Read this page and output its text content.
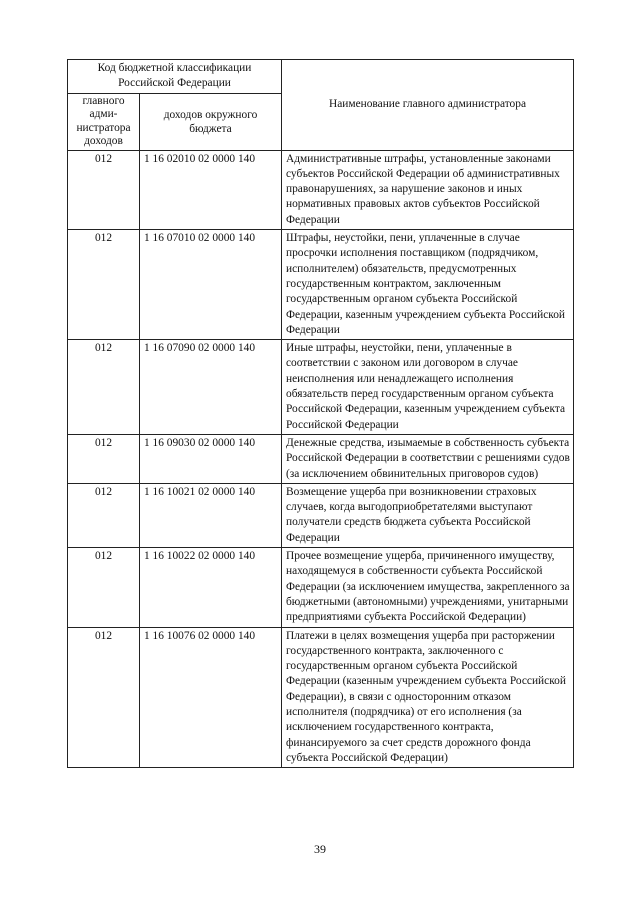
Код бюджетной классификации Российской Федерации		Наименование главного администратора
главного адми-нистратора доходов	доходов окружного бюджета	
012	1 16 02010 02 0000 140	Административные штрафы, установленные законами субъектов Российской Федерации об административных правонарушениях, за нарушение законов и иных нормативных правовых актов субъектов Российской Федерации
012	1 16 07010 02 0000 140	Штрафы, неустойки, пени, уплаченные в случае просрочки исполнения поставщиком (подрядчиком, исполнителем) обязательств, предусмотренных государственным контрактом, заключенным государственным органом субъекта Российской Федерации, казенным учреждением субъекта Российской Федерации
012	1 16 07090 02 0000 140	Иные штрафы, неустойки, пени, уплаченные в соответствии с законом или договором в случае неисполнения или ненадлежащего исполнения обязательств перед государственным органом субъекта Российской Федерации, казенным учреждением субъекта Российской Федерации
012	1 16 09030 02 0000 140	Денежные средства, изымаемые в собственность субъекта Российской Федерации в соответствии с решениями судов (за исключением обвинительных приговоров судов)
012	1 16 10021 02 0000 140	Возмещение ущерба при возникновении страховых случаев, когда выгодоприобретателями выступают получатели средств бюджета субъекта Российской Федерации
012	1 16 10022 02 0000 140	Прочее возмещение ущерба, причиненного имуществу, находящемуся в собственности субъекта Российской Федерации (за исключением имущества, закрепленного за бюджетными (автономными) учреждениями, унитарными предприятиями субъекта Российской Федерации)
012	1 16 10076 02 0000 140	Платежи в целях возмещения ущерба при расторжении государственного контракта, заключенного с государственным органом субъекта Российской Федерации (казенным учреждением субъекта Российской Федерации), в связи с односторонним отказом исполнителя (подрядчика) от его исполнения (за исключением государственного контракта, финансируемого за счет средств дорожного фонда субъекта Российской Федерации)
39
